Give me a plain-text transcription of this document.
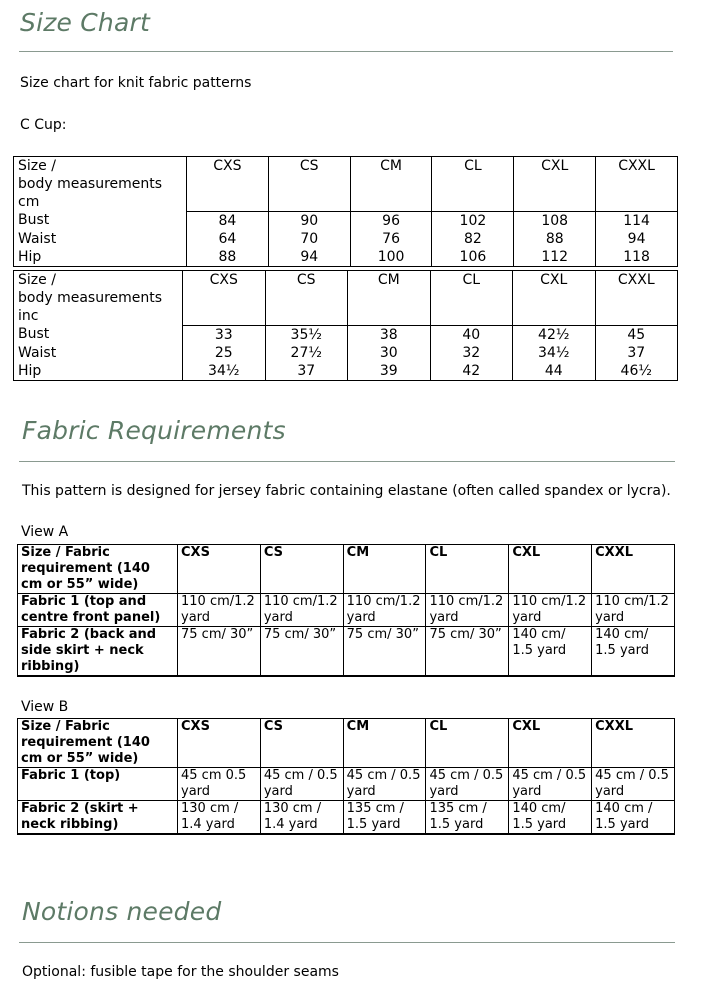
Size Chart

Size chart for knit fabric patterns

C Cup:

Size /
body measurements cm	CXS	CS	CM	CL	CXL	CXXL
Bust	84	90	96	102	108	114
Waist	64	70	76	82	88	94
Hip	88	94	100	106	112	118
Size /
body measurements inc	CXS	CS	CM	CL	CXL	CXXL
Bust	33	35½	38	40	42½	45
Waist	25	27½	30	32	34½	37
Hip	34½	37	39	42	44	46½
Fabric Requirements

This pattern is designed for jersey fabric containing elastane (often called spandex or lycra).

View A

Size / Fabric requirement (140 cm or 55” wide)	CXS	CS	CM	CL	CXL	CXXL
Fabric 1 (top and centre front panel)	110 cm/1.2 yard	110 cm/1.2 yard	110 cm/1.2 yard	110 cm/1.2 yard	110 cm/1.2 yard	110 cm/1.2 yard
Fabric 2 (back and side skirt + neck ribbing)	75 cm/ 30”	75 cm/ 30”	75 cm/ 30”	75 cm/ 30”	140 cm/ 1.5 yard	140 cm/ 1.5 yard

View B

Size / Fabric requirement (140 cm or 55” wide)	CXS	CS	CM	CL	CXL	CXXL
Fabric 1 (top)	45 cm 0.5 yard	45 cm / 0.5 yard	45 cm / 0.5 yard	45 cm / 0.5 yard	45 cm / 0.5 yard	45 cm / 0.5 yard
Fabric 2 (skirt + neck ribbing)	130 cm / 1.4 yard	130 cm / 1.4 yard	135 cm / 1.5 yard	135 cm / 1.5 yard	140 cm/ 1.5 yard	140 cm / 1.5 yard
Notions needed

Optional: fusible tape for the shoulder seams
